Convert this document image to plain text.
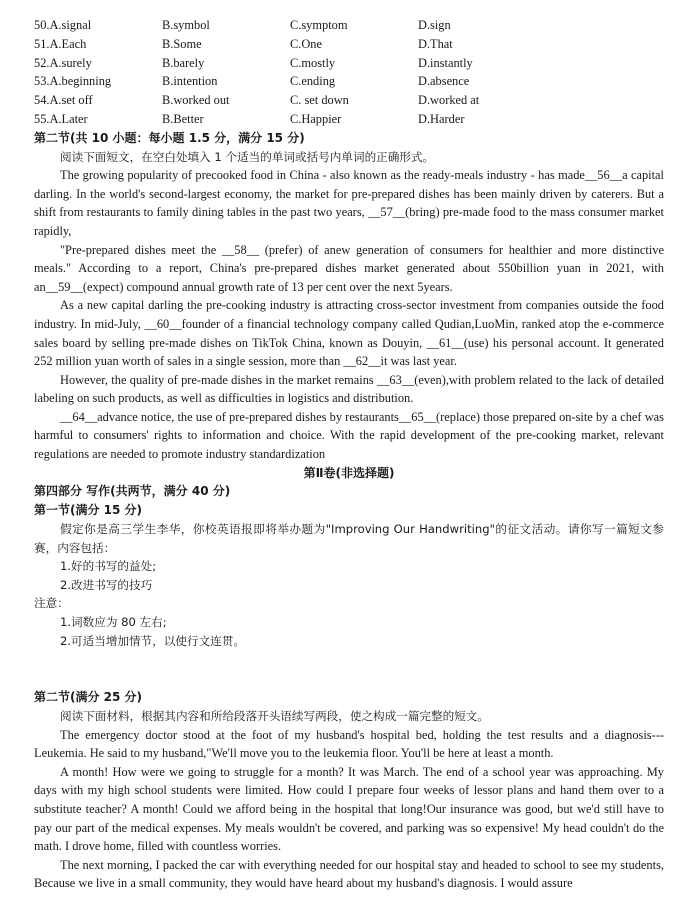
50.A.signal	B.symbol	C.symptom	D.sign
51.A.Each	B.Some	C.One	D.That
52.A.surely	B.barely	C.mostly	D.instantly
53.A.beginning	B.intention	C.ending	D.absence
54.A.set off	B.worked out	C. set down	D.worked at
55.A.Later	B.Better	C.Happier	D.Harder
第二节(共 10 小题：每小题 1.5 分，满分 15 分)

阅读下面短文，在空白处填入 1 个适当的单词或括号内单词的正确形式。

The growing popularity of precooked food in China - also known as the ready-meals industry - has made__56__a capital darling. In the world's second-largest economy, the market for pre-prepared dishes has been mainly driven by caterers. But a shift from restaurants to family dining tables in the past two years, __57__(bring) pre-made food to the mass consumer market rapidly,

"Pre-prepared dishes meet the __58__ (prefer) of anew generation of consumers for healthier and more distinctive meals." According to a report, China's pre-prepared dishes market generated about 550billion yuan in 2021, with an__59__(expect) compound annual growth rate of 13 per cent over the next 5years.

As a new capital darling the pre-cooking industry is attracting cross-sector investment from companies outside the food industry. In mid-July, __60__founder of a financial technology company called Qudian,LuoMin, ranked atop the e-commerce sales board by selling pre-made dishes on TikTok China, known as Douyin, __61__(use) his personal account. It generated 252 million yuan worth of sales in a single session, more than __62__it was last year.

However, the quality of pre-made dishes in the market remains __63__(even),with problem related to the lack of detailed labeling on such products, as well as difficulties in logistics and distribution.

__64__advance notice, the use of pre-prepared dishes by restaurants__65__(replace) those prepared on-site by a chef was harmful to consumers' rights to information and choice. With the rapid development of the pre-cooking market, relevant regulations are needed to promote industry standardization

第Ⅱ卷(非选择题)
第四部分 写作(共两节，满分 40 分)
第一节(满分 15 分)

假定你是高三学生李华，你校英语报即将举办题为"Improving Our Handwriting"的征文活动。请你写一篇短文参赛，内容包括：

1.好的书写的益处;
2.改进书写的技巧
注意：
1.词数应为 80 左右;
2.可适当增加情节，以使行文连贯。
第二节(满分 25 分)

阅读下面材料，根据其内容和所给段落开头语续写两段，使之构成一篇完整的短文。

The emergency doctor stood at the foot of my husband's hospital bed, holding the test results and a diagnosis---Leukemia. He said to my husband,"We'll move you to the leukemia floor. You'll be here at least a month.

A month! How were we going to struggle for a month? It was March. The end of a school year was approaching. My days with my high school students were limited. How could I prepare four weeks of lessor plans and hand them over to a substitute teacher? A month! Could we afford being in the hospital that long!Our insurance was good, but we'd still have to pay our part of the medical expenses. My meals wouldn't be covered, and parking was so expensive! My head couldn't do the math. I drove home, filled with countless worries.

The next morning, I packed the car with everything needed for our hospital stay and headed to school to see my students, Because we live in a small community, they would have heard about my husband's diagnosis. I would assure
